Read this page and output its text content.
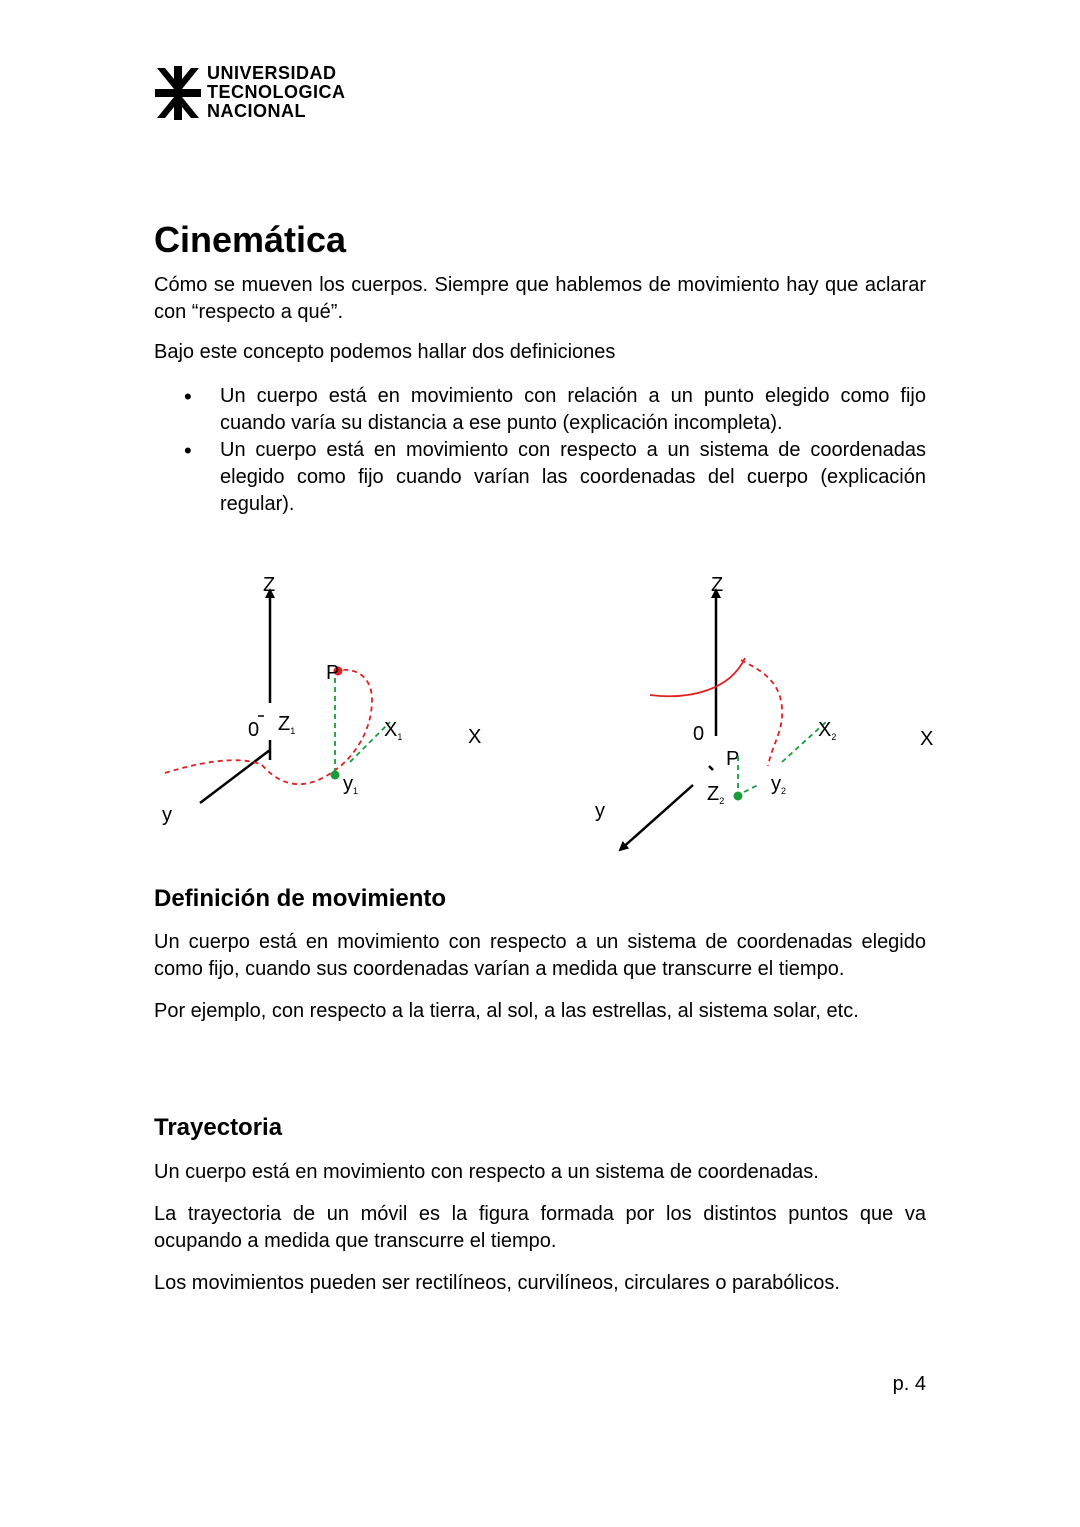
UNIVERSIDAD
TECNOLOGICA
NACIONAL
Cinemática

Cómo se mueven los cuerpos. Siempre que hablemos de movimiento hay que aclarar con “respecto a qué”.

Bajo este concepto podemos hallar dos definiciones

• Un cuerpo está en movimiento con relación a un punto elegido como fijo cuando varía su distancia a ese punto (explicación incompleta).
• Un cuerpo está en movimiento con respecto a un sistema de coordenadas elegido como fijo cuando varían las coordenadas del cuerpo (explicación regular).
Z
0 $Z_1$
P
$X_1$	X
$y_1$
y
Z
0
P
$X_2$	X
$Z_2$
$y_2$
y
Definición de movimiento

Un cuerpo está en movimiento con respecto a un sistema de coordenadas elegido como fijo, cuando sus coordenadas varían a medida que transcurre el tiempo.

Por ejemplo, con respecto a la tierra, al sol, a las estrellas, al sistema solar, etc.

Trayectoria

Un cuerpo está en movimiento con respecto a un sistema de coordenadas.

La trayectoria de un móvil es la figura formada por los distintos puntos que va ocupando a medida que transcurre el tiempo.

Los movimientos pueden ser rectilíneos, curvilíneos, circulares o parabólicos.

p. 4
